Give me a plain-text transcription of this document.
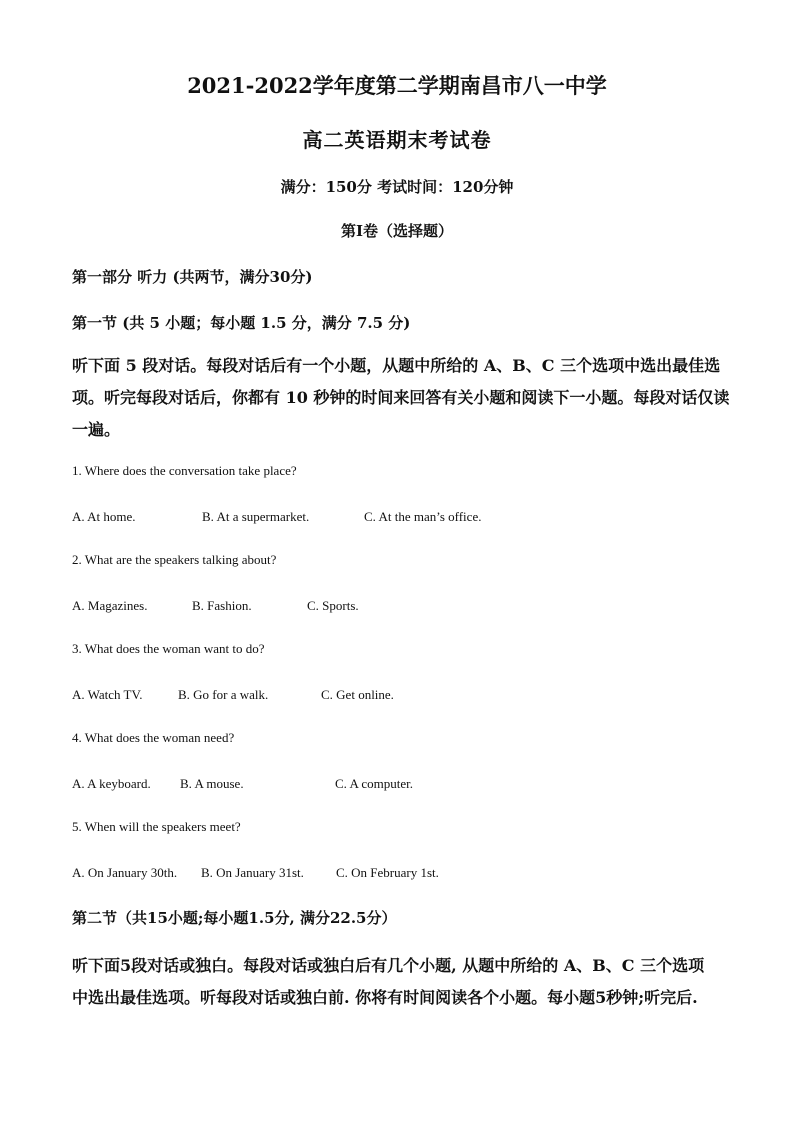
2021-2022学年度第二学期南昌市八一中学
高二英语期末考试卷
满分：150分 考试时间：120分钟
第I卷（选择题）
第一部分 听力 (共两节，满分30分)
第一节 (共 5 小题；每小题 1.5 分，满分 7.5 分)
听下面 5 段对话。每段对话后有一个小题，从题中所给的 A、B、C 三个选项中选出最佳选
项。听完每段对话后，你都有 10 秒钟的时间来回答有关小题和阅读下一小题。每段对话仅读
一遍。
1. Where does the conversation take place?
A. At home.	B. At a supermarket.	C. At the man’s office.
2. What are the speakers talking about?
A. Magazines.	B. Fashion.	C. Sports.
3. What does the woman want to do?
A. Watch TV.	B. Go for a walk.	C. Get online.
4. What does the woman need?
A. A keyboard. B. A mouse.	C. A computer.
5. When will the speakers meet?
A. On January 30th. B. On January 31st. C. On February 1st.
第二节（共15小题;每小题1.5分, 满分22.5分）
听下面5段对话或独白。每段对话或独白后有几个小题, 从题中所给的 A、B、C 三个选项
中选出最佳选项。听每段对话或独白前. 你将有时间阅读各个小题。每小题5秒钟;听完后.
